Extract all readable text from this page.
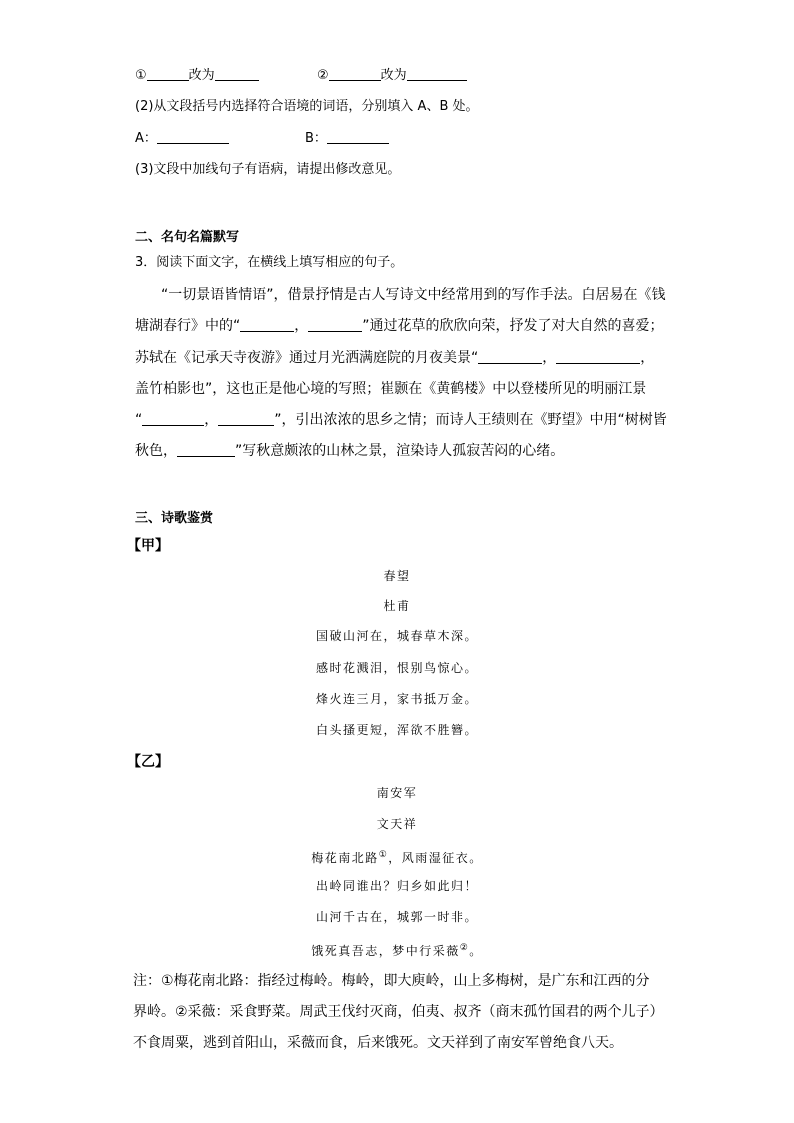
①	改为	②	改为
(2)从文段括号内选择符合语境的词语，分别填入 A、B 处。
A：	B：
(3)文段中加线句子有语病，请提出修改意见。
二、名句名篇默写
3．阅读下面文字，在横线上填写相应的句子。
“一切景语皆情语”，借景抒情是古人写诗文中经常用到的写作手法。白居易在《钱
塘湖春行》中的“	，	”通过花草的欣欣向荣，抒发了对大自然的喜爱；
苏轼在《记承天寺夜游》通过月光洒满庭院的月夜美景“	，	，
盖竹柏影也”，这也正是他心境的写照；崔颢在《黄鹤楼》中以登楼所见的明丽江景
“	，	”，引出浓浓的思乡之情；而诗人王绩则在《野望》中用“树树皆
秋色，	”写秋意颇浓的山林之景，渲染诗人孤寂苦闷的心绪。
三、诗歌鉴赏
【甲】
春望
杜甫
国破山河在，城春草木深。
感时花溅泪，恨别鸟惊心。
烽火连三月，家书抵万金。
白头搔更短，浑欲不胜簪。
【乙】
南安军
文天祥
梅花南北路①，风雨湿征衣。
出岭同谁出？归乡如此归！
山河千古在，城郭一时非。
饿死真吾志，梦中行采薇②。
注：①梅花南北路：指经过梅岭。梅岭，即大庾岭，山上多梅树，是广东和江西的分
界岭。②采薇：采食野菜。周武王伐纣灭商，伯夷、叔齐（商末孤竹国君的两个儿子）
不食周粟，逃到首阳山，采薇而食，后来饿死。文天祥到了南安军曾绝食八天。
